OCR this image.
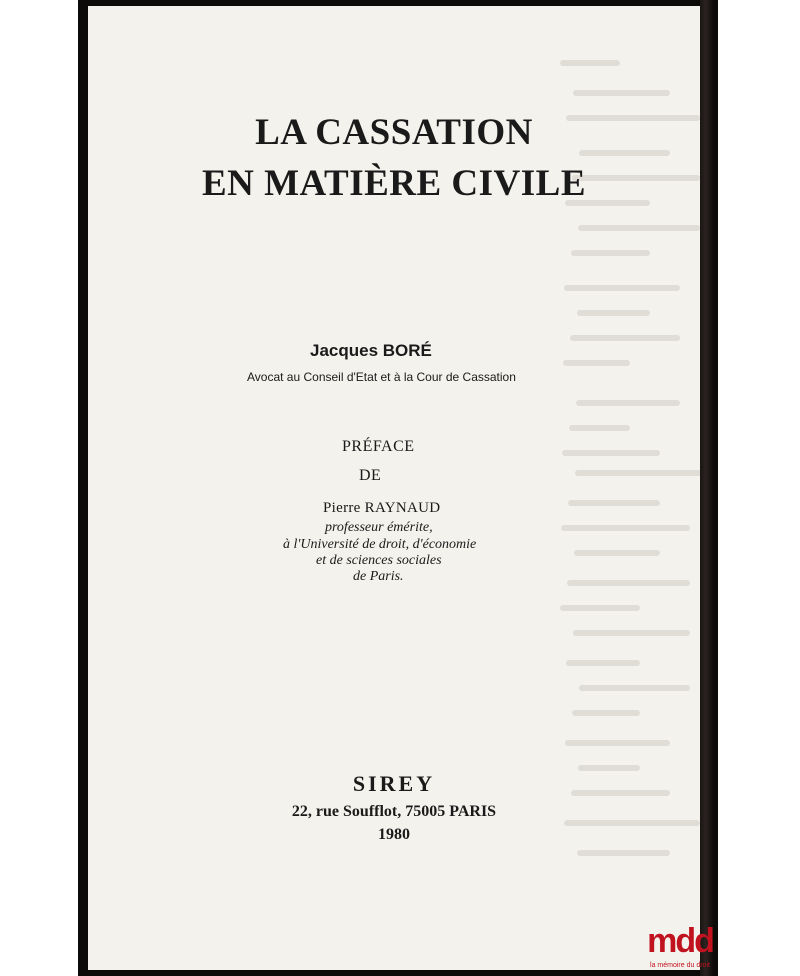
LA CASSATION
EN MATIÈRE CIVILE
Jacques BORÉ
Avocat au Conseil d'Etat et à la Cour de Cassation
PRÉFACE
DE
Pierre RAYNAUD
professeur émérite,
à l'Université de droit, d'économie
et de sciences sociales
de Paris.
SIREY
22, rue Soufflot, 75005 PARIS
1980
mdd
la mémoire du droit
